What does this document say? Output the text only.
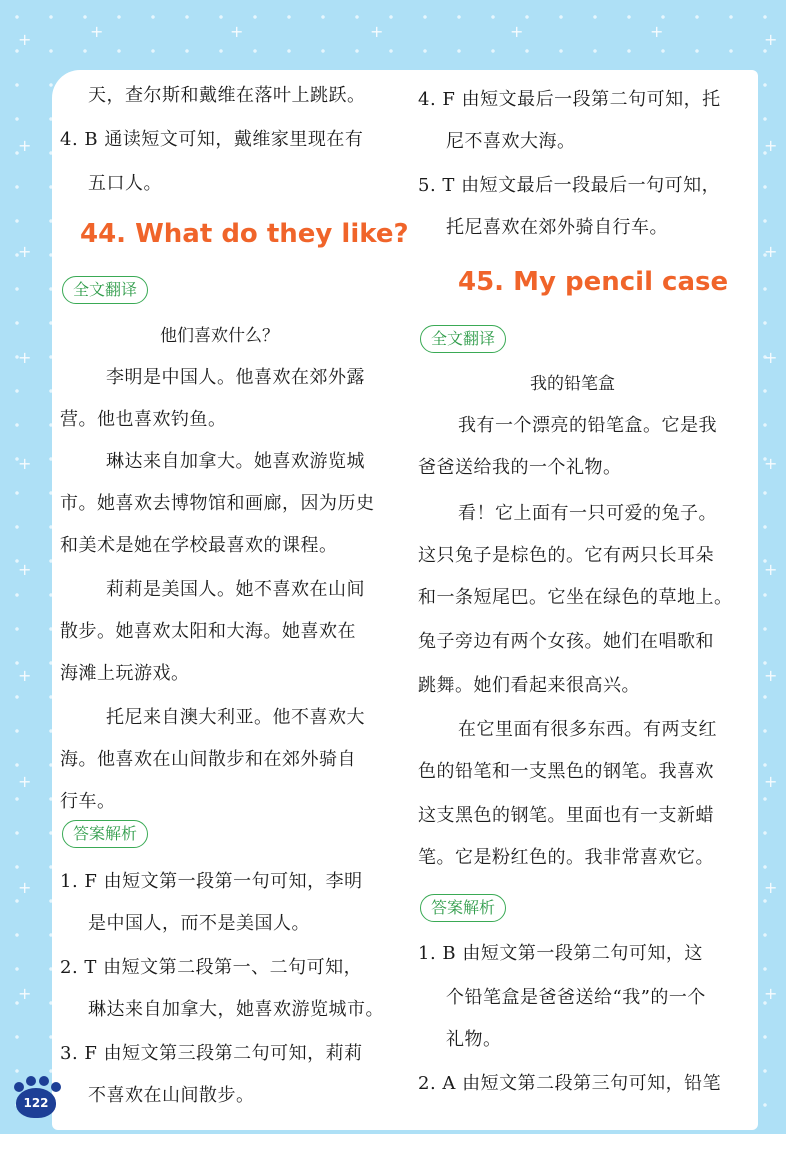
+
+
+
+
+
+
+
+
+
+
+
+
+
+
+
+
+
+
+
+
+	+	+	+	+
天，查尔斯和戴维在落叶上跳跃。
4. B 通读短文可知，戴维家里现在有
五口人。
44. What do they like?
全文翻译
他们喜欢什么？
李明是中国人。他喜欢在郊外露
营。他也喜欢钓鱼。
琳达来自加拿大。她喜欢游览城
市。她喜欢去博物馆和画廊，因为历史
和美术是她在学校最喜欢的课程。
莉莉是美国人。她不喜欢在山间
散步。她喜欢太阳和大海。她喜欢在
海滩上玩游戏。
托尼来自澳大利亚。他不喜欢大
海。他喜欢在山间散步和在郊外骑自
行车。
答案解析
1. F 由短文第一段第一句可知，李明
是中国人，而不是美国人。
2. T 由短文第二段第一、二句可知，
琳达来自加拿大，她喜欢游览城市。
3. F 由短文第三段第二句可知，莉莉
不喜欢在山间散步。
4. F 由短文最后一段第二句可知，托
尼不喜欢大海。
5. T 由短文最后一段最后一句可知，
托尼喜欢在郊外骑自行车。
45. My pencil case
全文翻译
我的铅笔盒
我有一个漂亮的铅笔盒。它是我
爸爸送给我的一个礼物。
看！它上面有一只可爱的兔子。
这只兔子是棕色的。它有两只长耳朵
和一条短尾巴。它坐在绿色的草地上。
兔子旁边有两个女孩。她们在唱歌和
跳舞。她们看起来很高兴。
在它里面有很多东西。有两支红
色的铅笔和一支黑色的钢笔。我喜欢
这支黑色的钢笔。里面也有一支新蜡
笔。它是粉红色的。我非常喜欢它。
答案解析
1. B 由短文第一段第二句可知，这
个铅笔盒是爸爸送给“我”的一个
礼物。
2. A 由短文第二段第三句可知，铅笔
122
